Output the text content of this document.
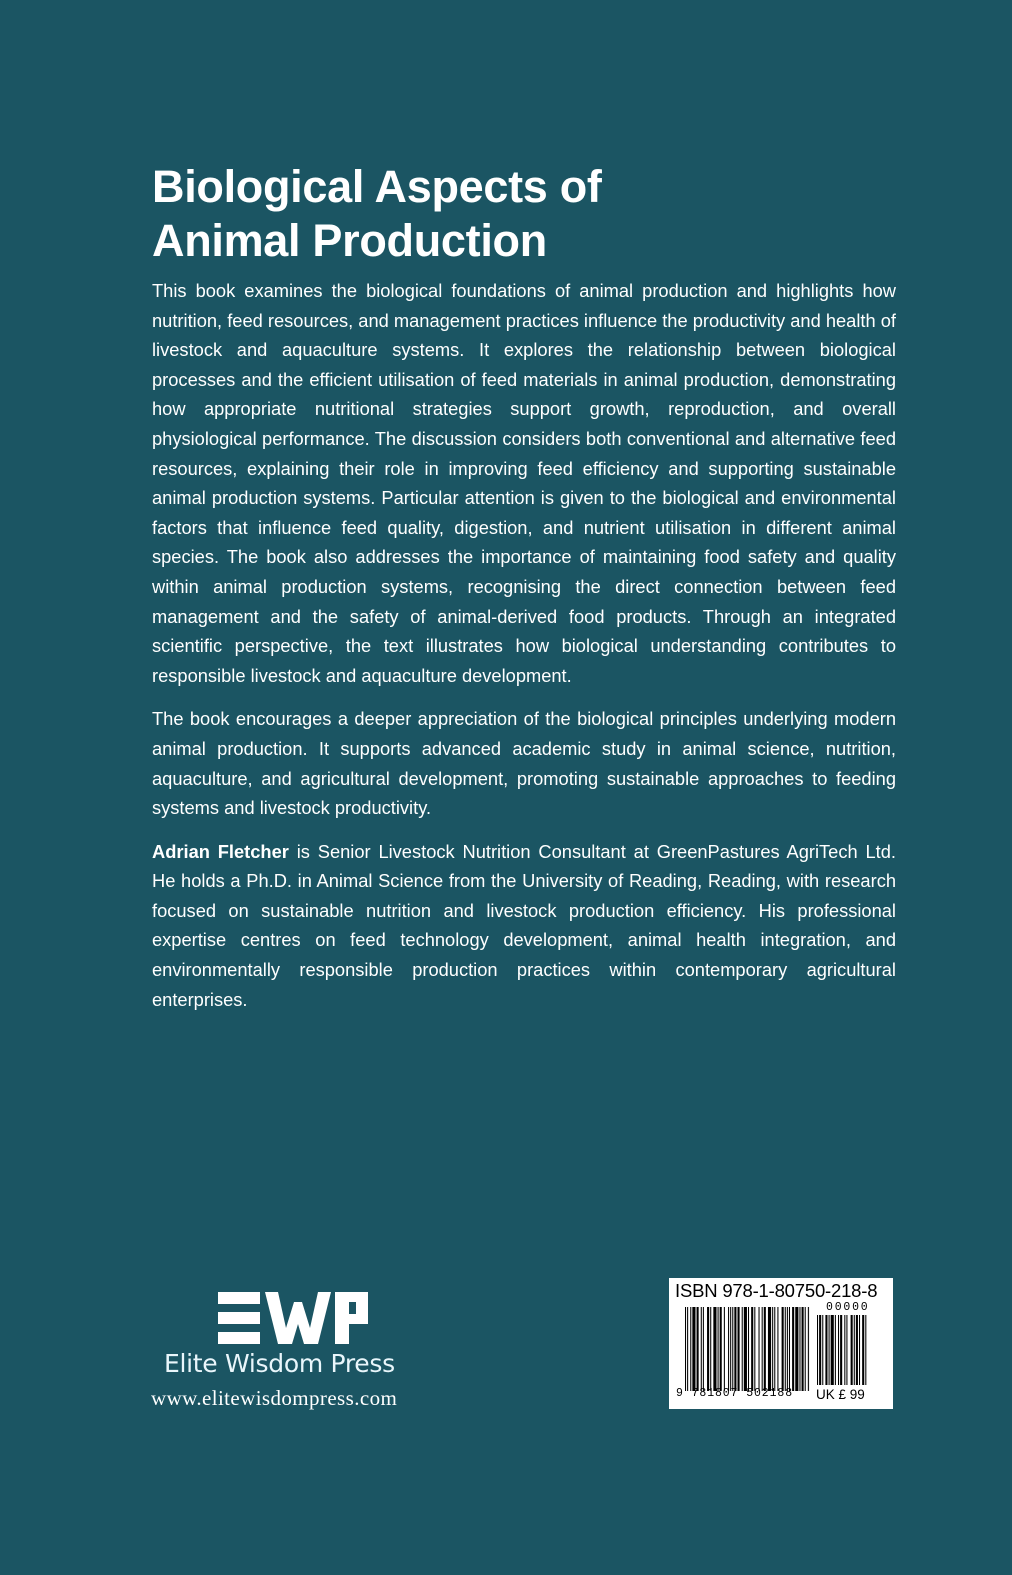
Biological Aspects of
Animal Production

This book examines the biological foundations of animal production and highlights how nutrition, feed resources, and management practices influence the productivity and health of livestock and aquaculture systems. It explores the relationship between biological processes and the efficient utilisation of feed materials in animal production, demonstrating how appropriate nutritional strategies support growth, reproduction, and overall physiological performance. The discussion considers both conventional and alternative feed resources, explaining their role in improving feed efficiency and supporting sustainable animal production systems. Particular attention is given to the biological and environmental factors that influence feed quality, digestion, and nutrient utilisation in different animal species. The book also addresses the importance of maintaining food safety and quality within animal production systems, recognising the direct connection between feed management and the safety of animal-derived food products. Through an integrated scientific perspective, the text illustrates how biological understanding contributes to responsible livestock and aquaculture development.

The book encourages a deeper appreciation of the biological principles underlying modern animal production. It supports advanced academic study in animal science, nutrition, aquaculture, and agricultural development, promoting sustainable approaches to feeding systems and livestock productivity.

Adrian Fletcher is Senior Livestock Nutrition Consultant at GreenPastures AgriTech Ltd. He holds a Ph.D. in Animal Science from the University of Reading, Reading, with research focused on sustainable nutrition and livestock production efficiency. His professional expertise centres on feed technology development, animal health integration, and environmentally responsible production practices within contemporary agricultural enterprises.

Elite Wisdom Press
www.elitewisdompress.com
ISBN 978-1-80750-218-8
00000
9 781807 502188 UK £ 99
